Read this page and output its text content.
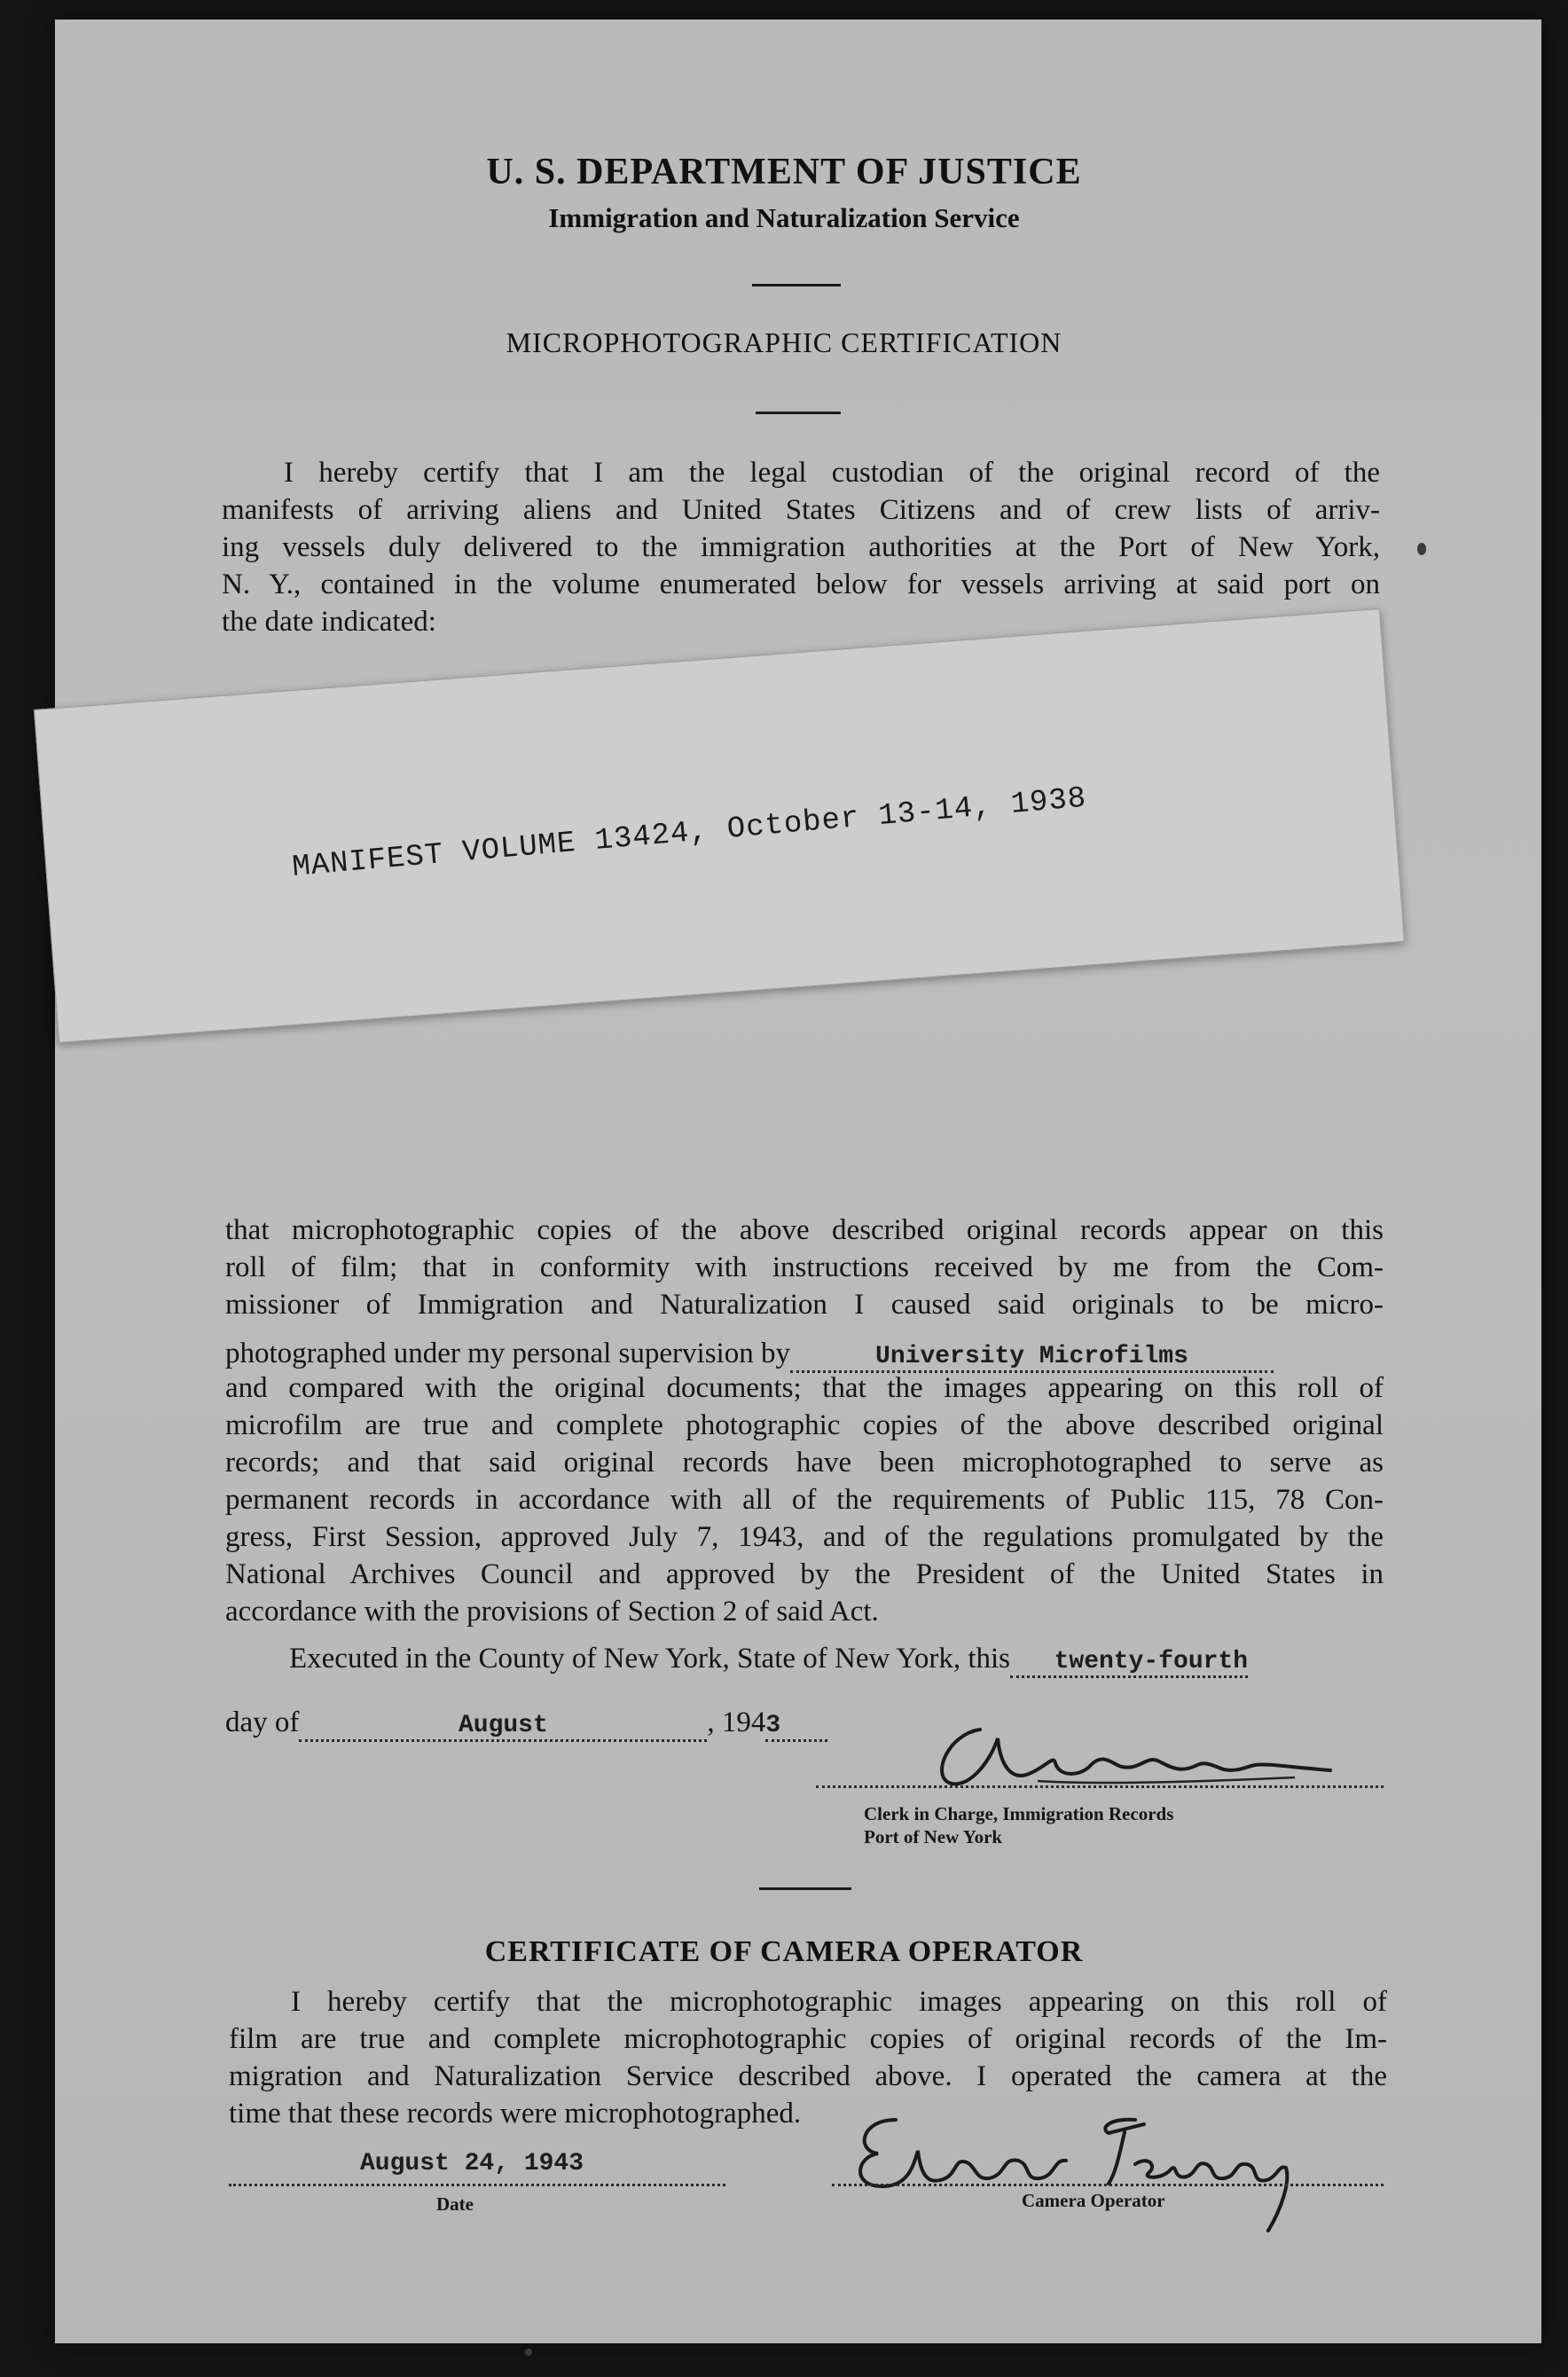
U. S. DEPARTMENT OF JUSTICE
Immigration and Naturalization Service
MICROPHOTOGRAPHIC CERTIFICATION
I hereby certify that I am the legal custodian of the original record of the
manifests of arriving aliens and United States Citizens and of crew lists of arriv-
ing vessels duly delivered to the immigration authorities at the Port of New York,
N. Y., contained in the volume enumerated below for vessels arriving at said port on
the date indicated:
MANIFEST VOLUME 13424, October 13-14, 1938
that microphotographic copies of the above described original records appear on this
roll of film; that in conformity with instructions received by me from the Com-
missioner of Immigration and Naturalization I caused said originals to be micro-
photographed under my personal supervision by	University Microfilms
and compared with the original documents; that the images appearing on this roll of
microfilm are true and complete photographic copies of the above described original
records; and that said original records have been microphotographed to serve as
permanent records in accordance with all of the requirements of Public 115, 78 Con-
gress, First Session, approved July 7, 1943, and of the regulations promulgated by the
National Archives Council and approved by the President of the United States in
accordance with the provisions of Section 2 of said Act.
Executed in the County of New York, State of New York, this twenty-fourth
day of	August	, 1943
Clerk in Charge, Immigration Records
Port of New York
CERTIFICATE OF CAMERA OPERATOR
I hereby certify that the microphotographic images appearing on this roll of
film are true and complete microphotographic copies of original records of the Im-
migration and Naturalization Service described above. I operated the camera at the
time that these records were microphotographed.
August 24, 1943
Date	Camera Operator
